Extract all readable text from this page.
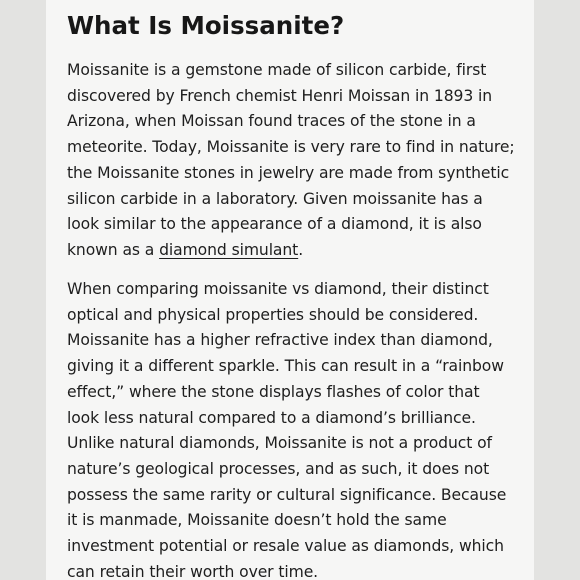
What Is Moissanite?
Moissanite is a gemstone made of silicon carbide, first
discovered by French chemist Henri Moissan in 1893 in
Arizona, when Moissan found traces of the stone in a
meteorite. Today, Moissanite is very rare to find in nature;
the Moissanite stones in jewelry are made from synthetic
silicon carbide in a laboratory. Given moissanite has a
look similar to the appearance of a diamond, it is also
known as a diamond simulant.
When comparing moissanite vs diamond, their distinct
optical and physical properties should be considered.
Moissanite has a higher refractive index than diamond,
giving it a different sparkle. This can result in a “rainbow
effect,” where the stone displays flashes of color that
look less natural compared to a diamond’s brilliance.
Unlike natural diamonds, Moissanite is not a product of
nature’s geological processes, and as such, it does not
possess the same rarity or cultural significance. Because
it is manmade, Moissanite doesn’t hold the same
investment potential or resale value as diamonds, which
can retain their worth over time.
